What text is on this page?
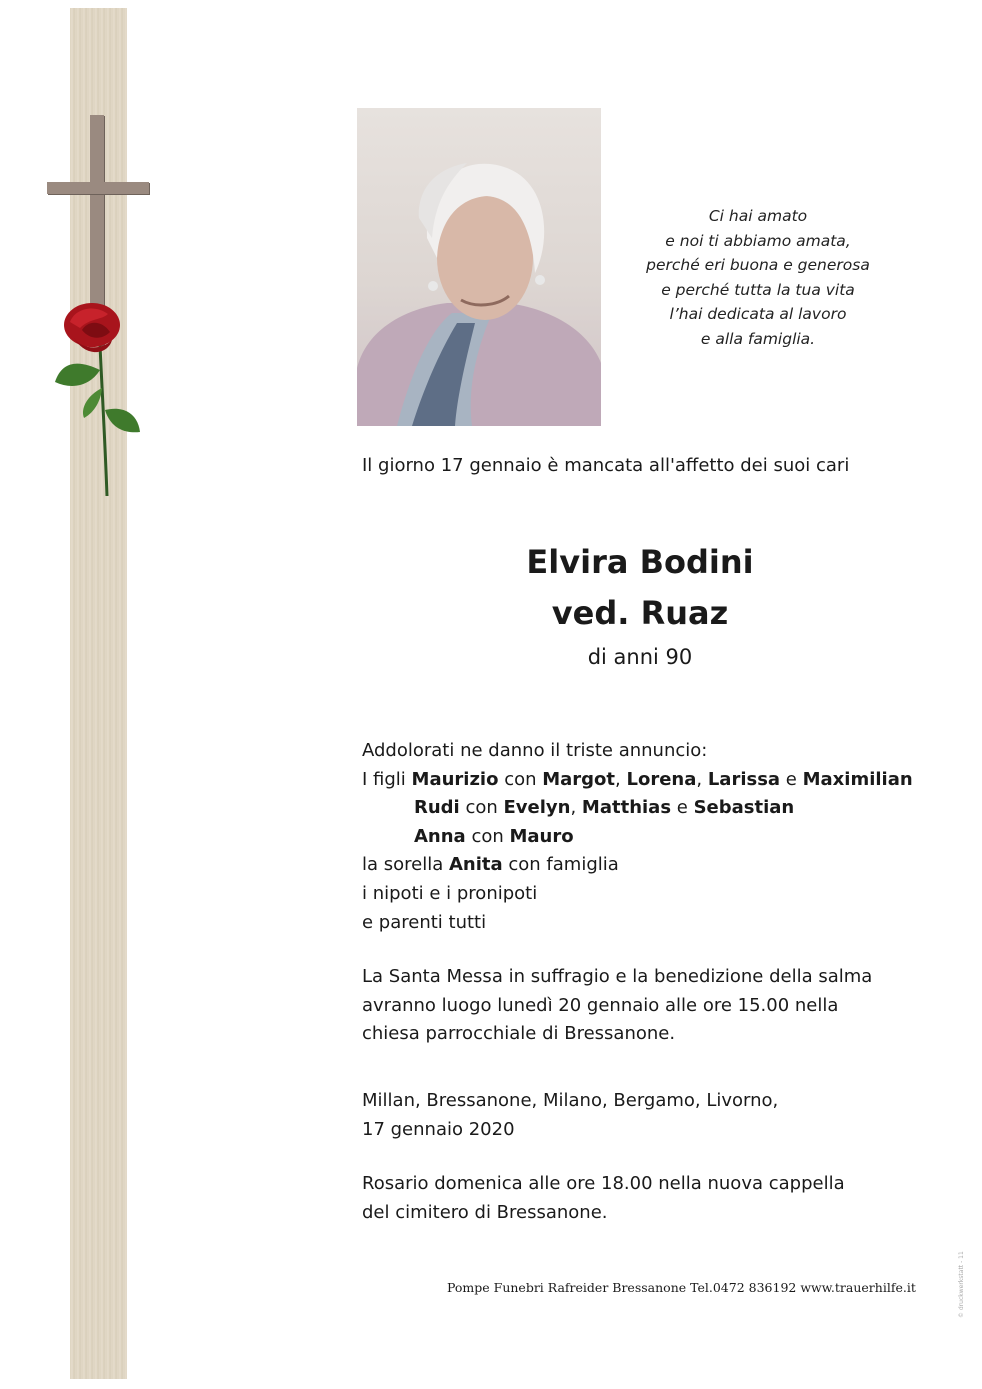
Ci hai amato
e noi ti abbiamo amata,
perché eri buona e generosa
e perché tutta la tua vita
l’hai dedicata al lavoro
e alla famiglia.
Il giorno 17 gennaio è mancata all'affetto dei suoi cari
Elvira Bodini
ved. Ruaz
di anni 90
Addolorati ne danno il triste annuncio:
I figli Maurizio con Margot, Lorena, Larissa e Maximilian
Rudi con Evelyn, Matthias e Sebastian
Anna con Mauro
la sorella Anita con famiglia
i nipoti e i pronipoti
e parenti tutti
La Santa Messa in suffragio e la benedizione della salma
avranno luogo lunedì 20 gennaio alle ore 15.00 nella
chiesa parrocchiale di Bressanone.
Millan, Bressanone, Milano, Bergamo, Livorno,
17 gennaio 2020
Rosario domenica alle ore 18.00 nella nuova cappella
del cimitero di Bressanone.
Pompe Funebri Rafreider Bressanone Tel.0472 836192 www.trauerhilfe.it	© druckwerkstatt - 11
